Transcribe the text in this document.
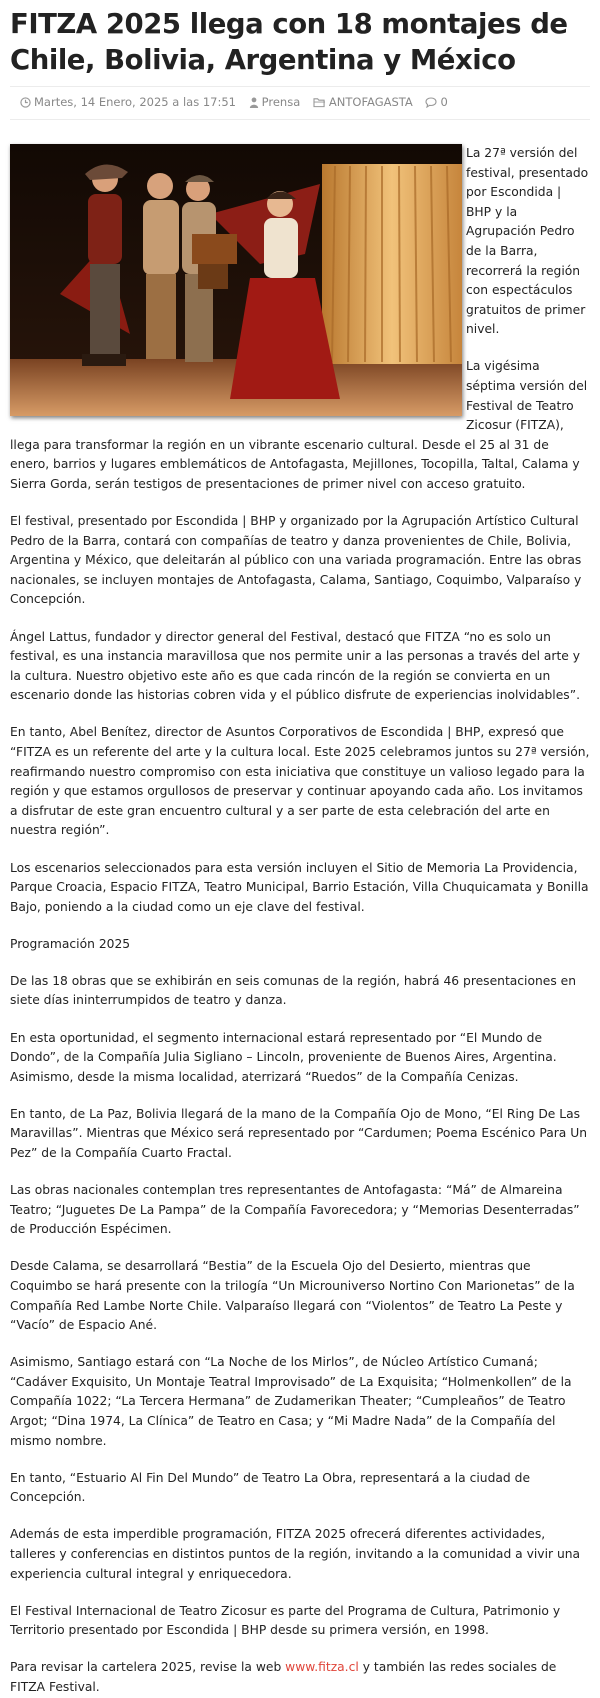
FITZA 2025 llega con 18 montajes de Chile, Bolivia, Argentina y México
Martes, 14 Enero, 2025 a las 17:51 Prensa ANTOFAGASTA 0

La 27ª versión del festival, presentado por Escondida | BHP y la Agrupación Pedro de la Barra, recorrerá la región con espectáculos gratuitos de primer nivel.

La vigésima séptima versión del Festival de Teatro Zicosur (FITZA), llega para transformar la región en un vibrante escenario cultural. Desde el 25 al 31 de enero, barrios y lugares emblemáticos de Antofagasta, Mejillones, Tocopilla, Taltal, Calama y Sierra Gorda, serán testigos de presentaciones de primer nivel con acceso gratuito.

El festival, presentado por Escondida | BHP y organizado por la Agrupación Artístico Cultural Pedro de la Barra, contará con compañías de teatro y danza provenientes de Chile, Bolivia, Argentina y México, que deleitarán al público con una variada programación. Entre las obras nacionales, se incluyen montajes de Antofagasta, Calama, Santiago, Coquimbo, Valparaíso y Concepción.

Ángel Lattus, fundador y director general del Festival, destacó que FITZA “no es solo un festival, es una instancia maravillosa que nos permite unir a las personas a través del arte y la cultura. Nuestro objetivo este año es que cada rincón de la región se convierta en un escenario donde las historias cobren vida y el público disfrute de experiencias inolvidables”.

En tanto, Abel Benítez, director de Asuntos Corporativos de Escondida | BHP, expresó que “FITZA es un referente del arte y la cultura local. Este 2025 celebramos juntos su 27ª versión, reafirmando nuestro compromiso con esta iniciativa que constituye un valioso legado para la región y que estamos orgullosos de preservar y continuar apoyando cada año. Los invitamos a disfrutar de este gran encuentro cultural y a ser parte de esta celebración del arte en nuestra región”.

Los escenarios seleccionados para esta versión incluyen el Sitio de Memoria La Providencia, Parque Croacia, Espacio FITZA, Teatro Municipal, Barrio Estación, Villa Chuquicamata y Bonilla Bajo, poniendo a la ciudad como un eje clave del festival.

Programación 2025

De las 18 obras que se exhibirán en seis comunas de la región, habrá 46 presentaciones en siete días ininterrumpidos de teatro y danza.

En esta oportunidad, el segmento internacional estará representado por “El Mundo de Dondo”, de la Compañía Julia Sigliano – Lincoln, proveniente de Buenos Aires, Argentina. Asimismo, desde la misma localidad, aterrizará “Ruedos” de la Compañía Cenizas.

En tanto, de La Paz, Bolivia llegará de la mano de la Compañía Ojo de Mono, “El Ring De Las Maravillas”. Mientras que México será representado por “Cardumen; Poema Escénico Para Un Pez” de la Compañía Cuarto Fractal.

Las obras nacionales contemplan tres representantes de Antofagasta: “Má” de Almareina Teatro; “Juguetes De La Pampa” de la Compañía Favorecedora; y “Memorias Desenterradas” de Producción Espécimen.

Desde Calama, se desarrollará “Bestia” de la Escuela Ojo del Desierto, mientras que Coquimbo se hará presente con la trilogía “Un Microuniverso Nortino Con Marionetas” de la Compañía Red Lambe Norte Chile. Valparaíso llegará con “Violentos” de Teatro La Peste y “Vacío” de Espacio Ané.

Asimismo, Santiago estará con “La Noche de los Mirlos”, de Núcleo Artístico Cumaná; “Cadáver Exquisito, Un Montaje Teatral Improvisado” de La Exquisita; “Holmenkollen” de la Compañía 1022; “La Tercera Hermana” de Zudamerikan Theater; “Cumpleaños” de Teatro Argot; “Dina 1974, La Clínica” de Teatro en Casa; y “Mi Madre Nada” de la Compañía del mismo nombre.

En tanto, “Estuario Al Fin Del Mundo” de Teatro La Obra, representará a la ciudad de Concepción.

Además de esta imperdible programación, FITZA 2025 ofrecerá diferentes actividades, talleres y conferencias en distintos puntos de la región, invitando a la comunidad a vivir una experiencia cultural integral y enriquecedora.

El Festival Internacional de Teatro Zicosur es parte del Programa de Cultura, Patrimonio y Territorio presentado por Escondida | BHP desde su primera versión, en 1998.

Para revisar la cartelera 2025, revise la web www.fitza.cl y también las redes sociales de FITZA Festival.
